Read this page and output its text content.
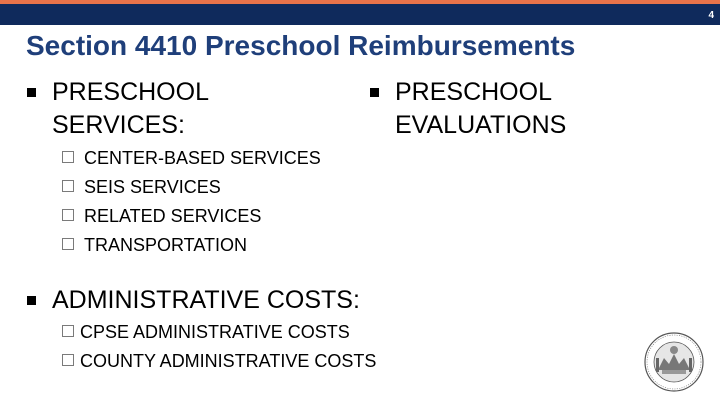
4
Section 4410 Preschool Reimbursements
PRESCHOOL
SERVICES:
CENTER-BASED SERVICES
SEIS SERVICES
RELATED SERVICES
TRANSPORTATION
PRESCHOOL
EVALUATIONS
ADMINISTRATIVE COSTS:
CPSE ADMINISTRATIVE COSTS
COUNTY ADMINISTRATIVE COSTS
